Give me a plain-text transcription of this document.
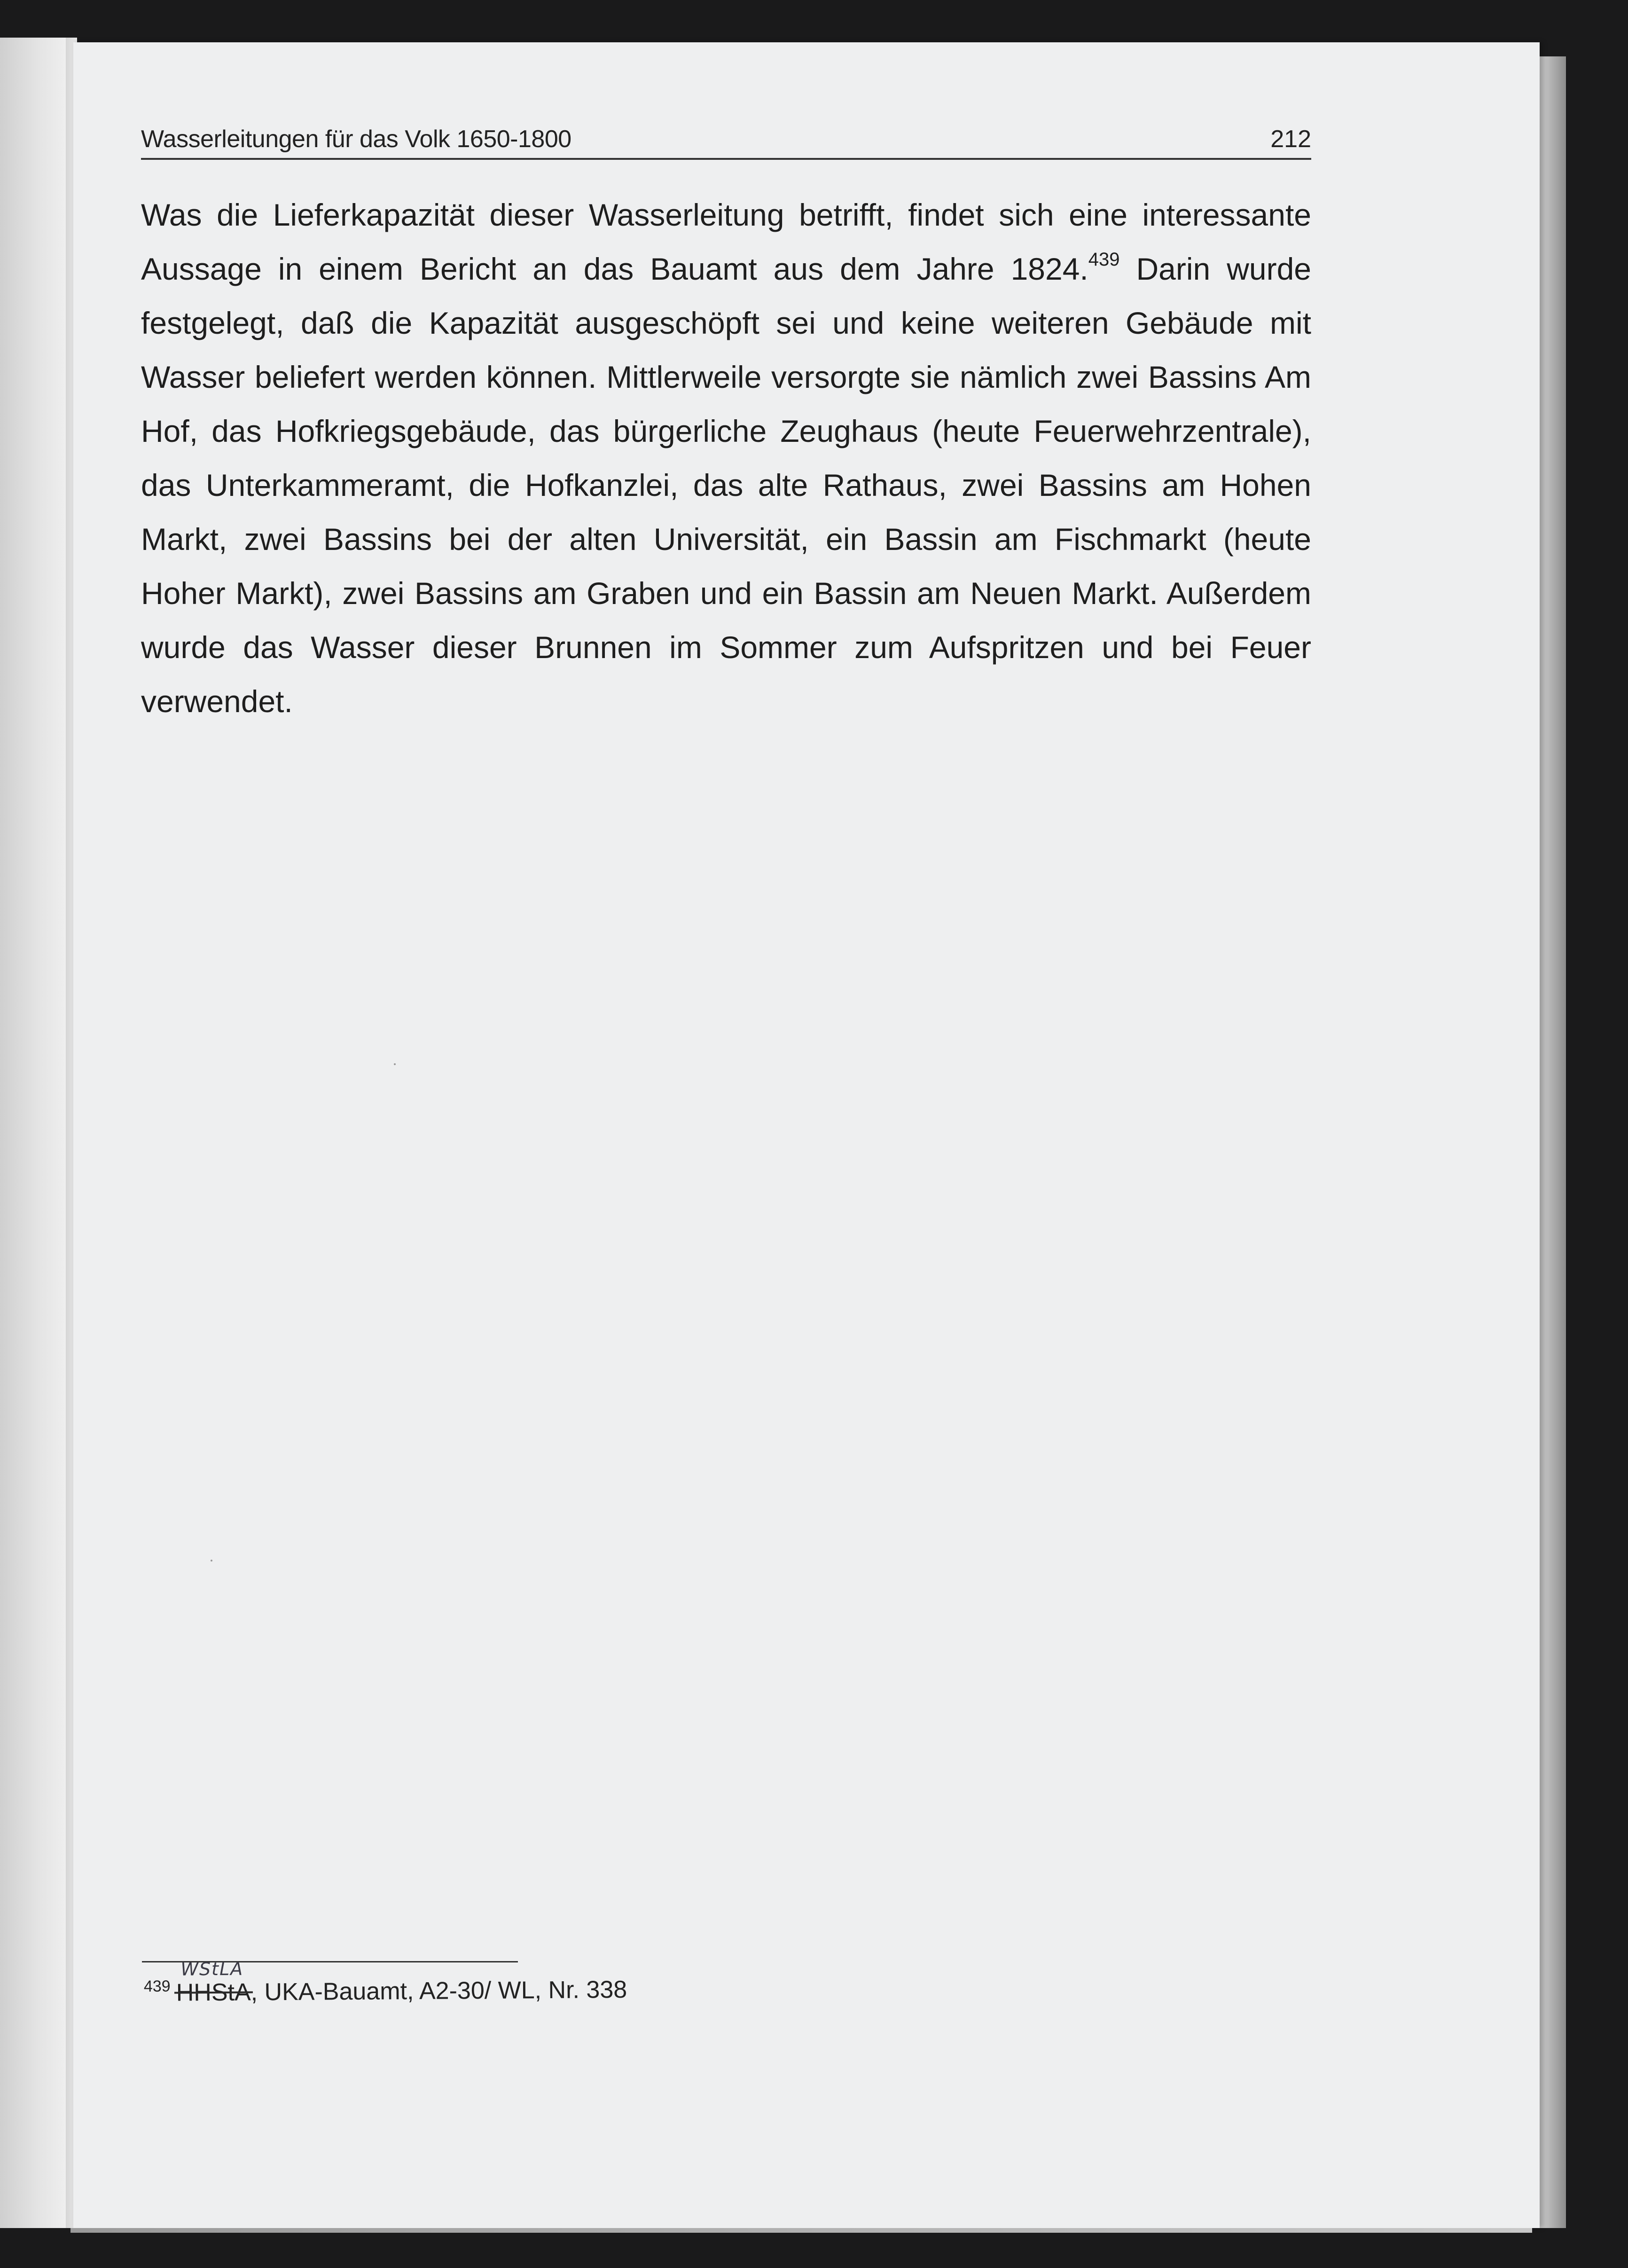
Wasserleitungen für das Volk 1650-1800	212

Was die Lieferkapazität dieser Wasserleitung betrifft, findet sich eine interessante Aussage in einem Bericht an das Bauamt aus dem Jahre 1824.$^{439}$ Darin wurde festgelegt, daß die Kapazität ausgeschöpft sei und keine weiteren Gebäude mit Wasser beliefert werden können. Mittlerweile versorgte sie nämlich zwei Bassins Am Hof, das Hofkriegsgebäude, das bürgerliche Zeughaus (heute Feuerwehrzentrale), das Unterkammeramt, die Hofkanzlei, das alte Rathaus, zwei Bassins am Hohen Markt, zwei Bassins bei der alten Universität, ein Bassin am Fischmarkt (heute Hoher Markt), zwei Bassins am Graben und ein Bassin am Neuen Markt. Außerdem wurde das Wasser dieser Brunnen im Sommer zum Aufspritzen und bei Feuer verwendet.

$^{439}$ HHStA
WStLA
, UKA-Bauamt, A2-30/ WL, Nr. 338
